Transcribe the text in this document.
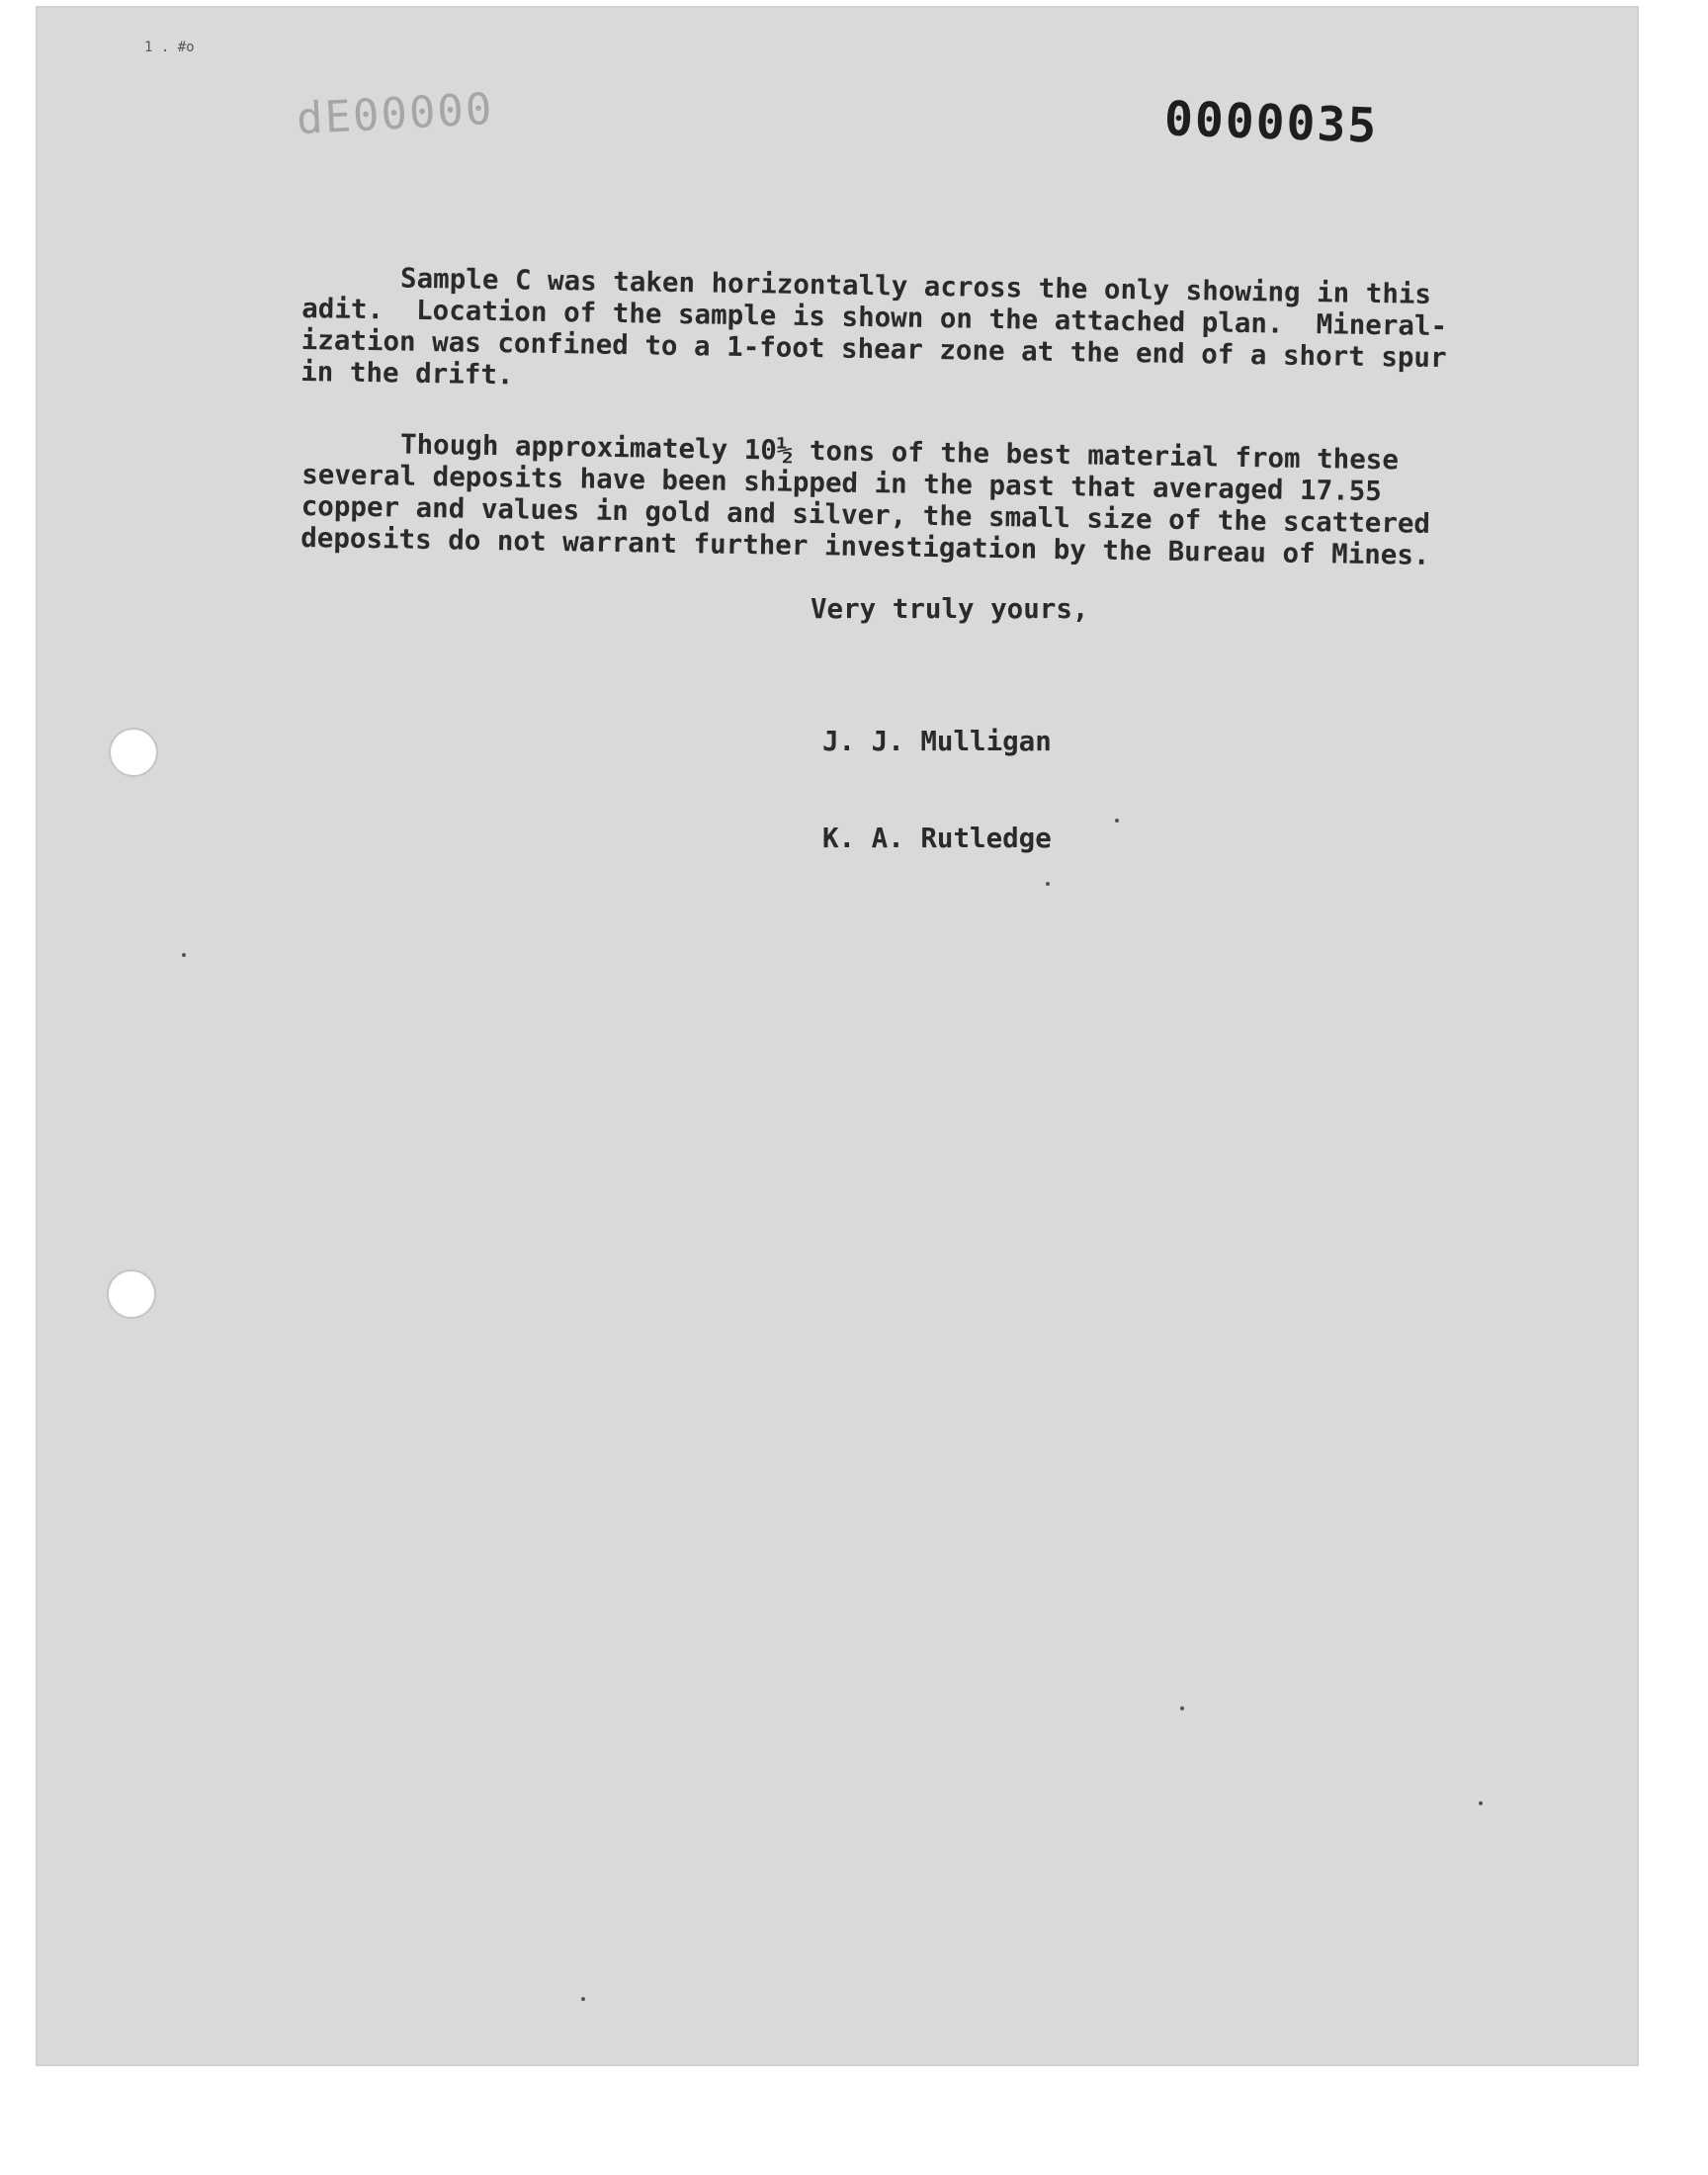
1 . #o
dE00000	0000035

Sample C was taken horizontally across the only showing in this
adit.  Location of the sample is shown on the attached plan.  Mineral-
ization was confined to a 1-foot shear zone at the end of a short spur
in the drift.

Though approximately 10½ tons of the best material from these
several deposits have been shipped in the past that averaged 17.55
copper and values in gold and silver, the small size of the scattered
deposits do not warrant further investigation by the Bureau of Mines.

Very truly yours,
J. J. Mulligan
K. A. Rutledge
